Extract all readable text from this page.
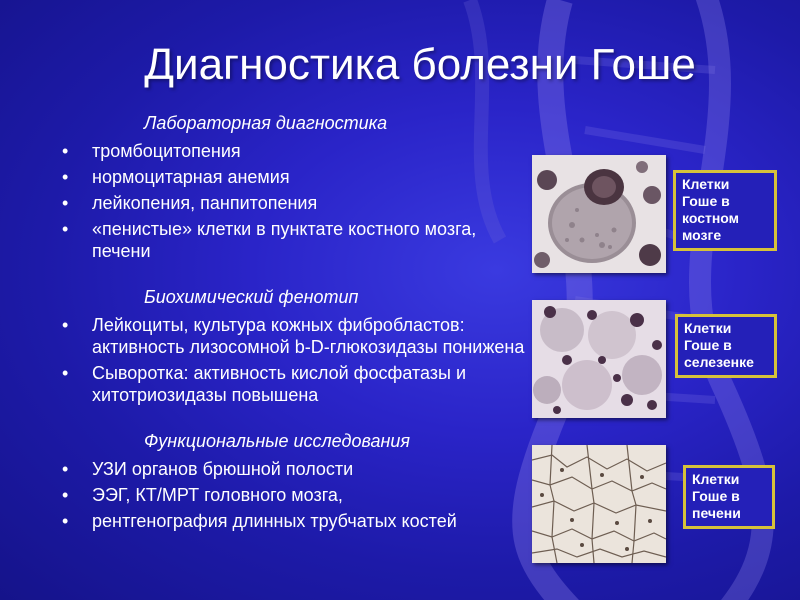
Диагностика болезни Гоше
Лабораторная диагностика
• тромбоцитопения
• нормоцитарная анемия
• лейкопения, панпитопения
• «пенистые» клетки в пунктате костного мозга, печени
Биохимический фенотип
• Лейкоциты, культура кожных фибробластов: активность лизосомной b-D-глюкозидазы понижена
• Сыворотка: активность кислой фосфатазы и хитотриозидазы повышена
Функциональные исследования
• УЗИ органов брюшной полости
• ЭЭГ, КТ/МРТ головного мозга,
• рентгенография длинных трубчатых костей
Клетки Гоше в костном мозге
Клетки Гоше в селезенке
Клетки Гоше в печени
